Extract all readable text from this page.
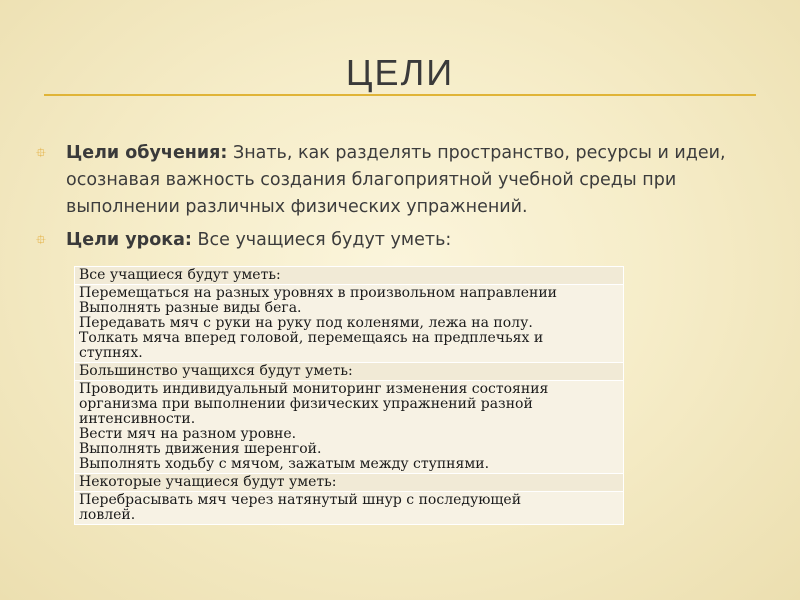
ЦЕЛИ
⯐ Цели обучения: Знать, как разделять пространство, ресурсы и идеи, осознавая важность создания благоприятной учебной среды при выполнении различных физических упражнений.
⯐ Цели урока: Все учащиеся будут уметь:
Все учащиеся будут уметь:

Перемещаться на разных уровнях в произвольном направлении
Выполнять разные виды бега.
Передавать мяч с руки на руку под коленями, лежа на полу.
Толкать мяча вперед головой, перемещаясь на предплечьях и
ступнях.

Большинство учащихся будут уметь:

Проводить индивидуальный мониторинг изменения состояния
организма при выполнении физических упражнений разной
интенсивности.
Вести мяч на разном уровне.
Выполнять движения шеренгой.
Выполнять ходьбу с мячом, зажатым между ступнями.

Некоторые учащиеся будут уметь:

Перебрасывать мяч через натянутый шнур с последующей
ловлей.
